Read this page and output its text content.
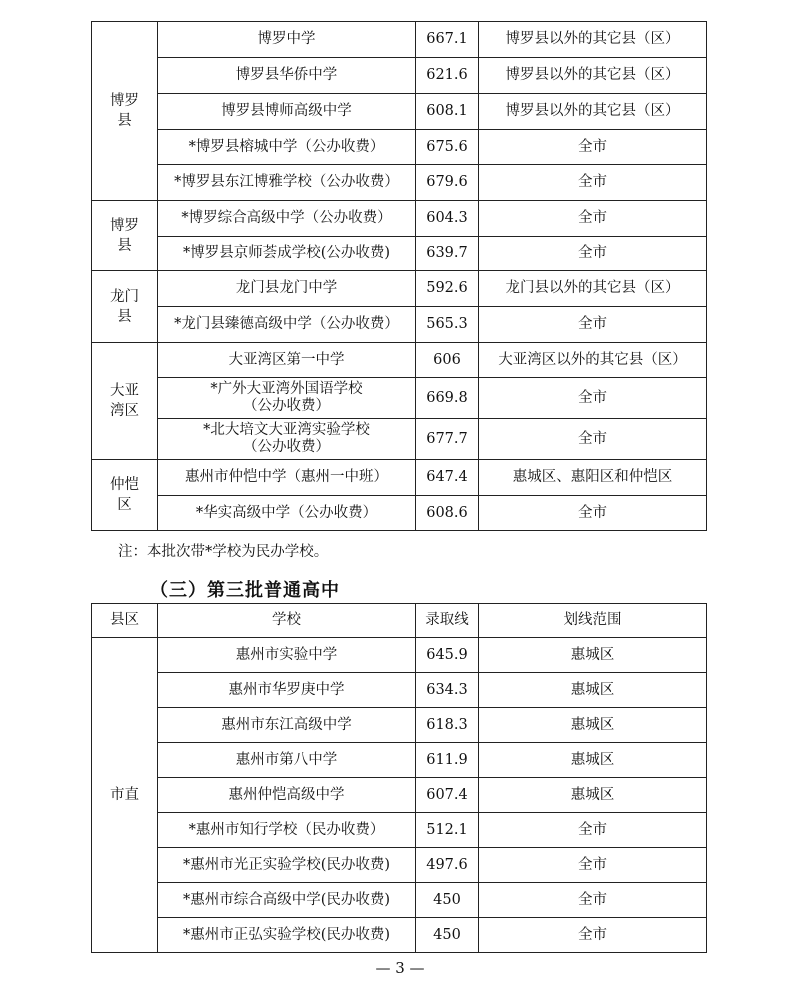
博罗县	博罗中学	667.1	博罗县以外的其它县（区）

	博罗县华侨中学	621.6	博罗县以外的其它县（区）

	博罗县博师高级中学	608.1	博罗县以外的其它县（区）

	*博罗县榕城中学（公办收费）	675.6	全市

	*博罗县东江博雅学校（公办收费）	679.6	全市
博罗县	*博罗综合高级中学（公办收费）	604.3	全市

	*博罗县京师荟成学校(公办收费)	639.7	全市
龙门县	龙门县龙门中学	592.6	龙门县以外的其它县（区）

	*龙门县臻德高级中学（公办收费）	565.3	全市
大亚湾区	大亚湾区第一中学	606	大亚湾区以外的其它县（区）

	*广外大亚湾外国语学校
（公办收费）	669.8	全市

	*北大培文大亚湾实验学校
（公办收费）	677.7	全市
仲恺区	惠州市仲恺中学（惠州一中班）	647.4	惠城区、惠阳区和仲恺区

	*华实高级中学（公办收费）	608.6	全市
注：本批次带*学校为民办学校。
（三）第三批普通高中
县区	学校	录取线	划线范围
市直	惠州市实验中学	645.9	惠城区
	惠州市华罗庚中学	634.3	惠城区
	惠州市东江高级中学	618.3	惠城区
	惠州市第八中学	611.9	惠城区
	惠州仲恺高级中学	607.4	惠城区
	*惠州市知行学校（民办收费）	512.1	全市
	*惠州市光正实验学校(民办收费)	497.6	全市
	*惠州市综合高级中学(民办收费)	450	全市
	*惠州市正弘实验学校(民办收费)	450	全市
— 3 —
